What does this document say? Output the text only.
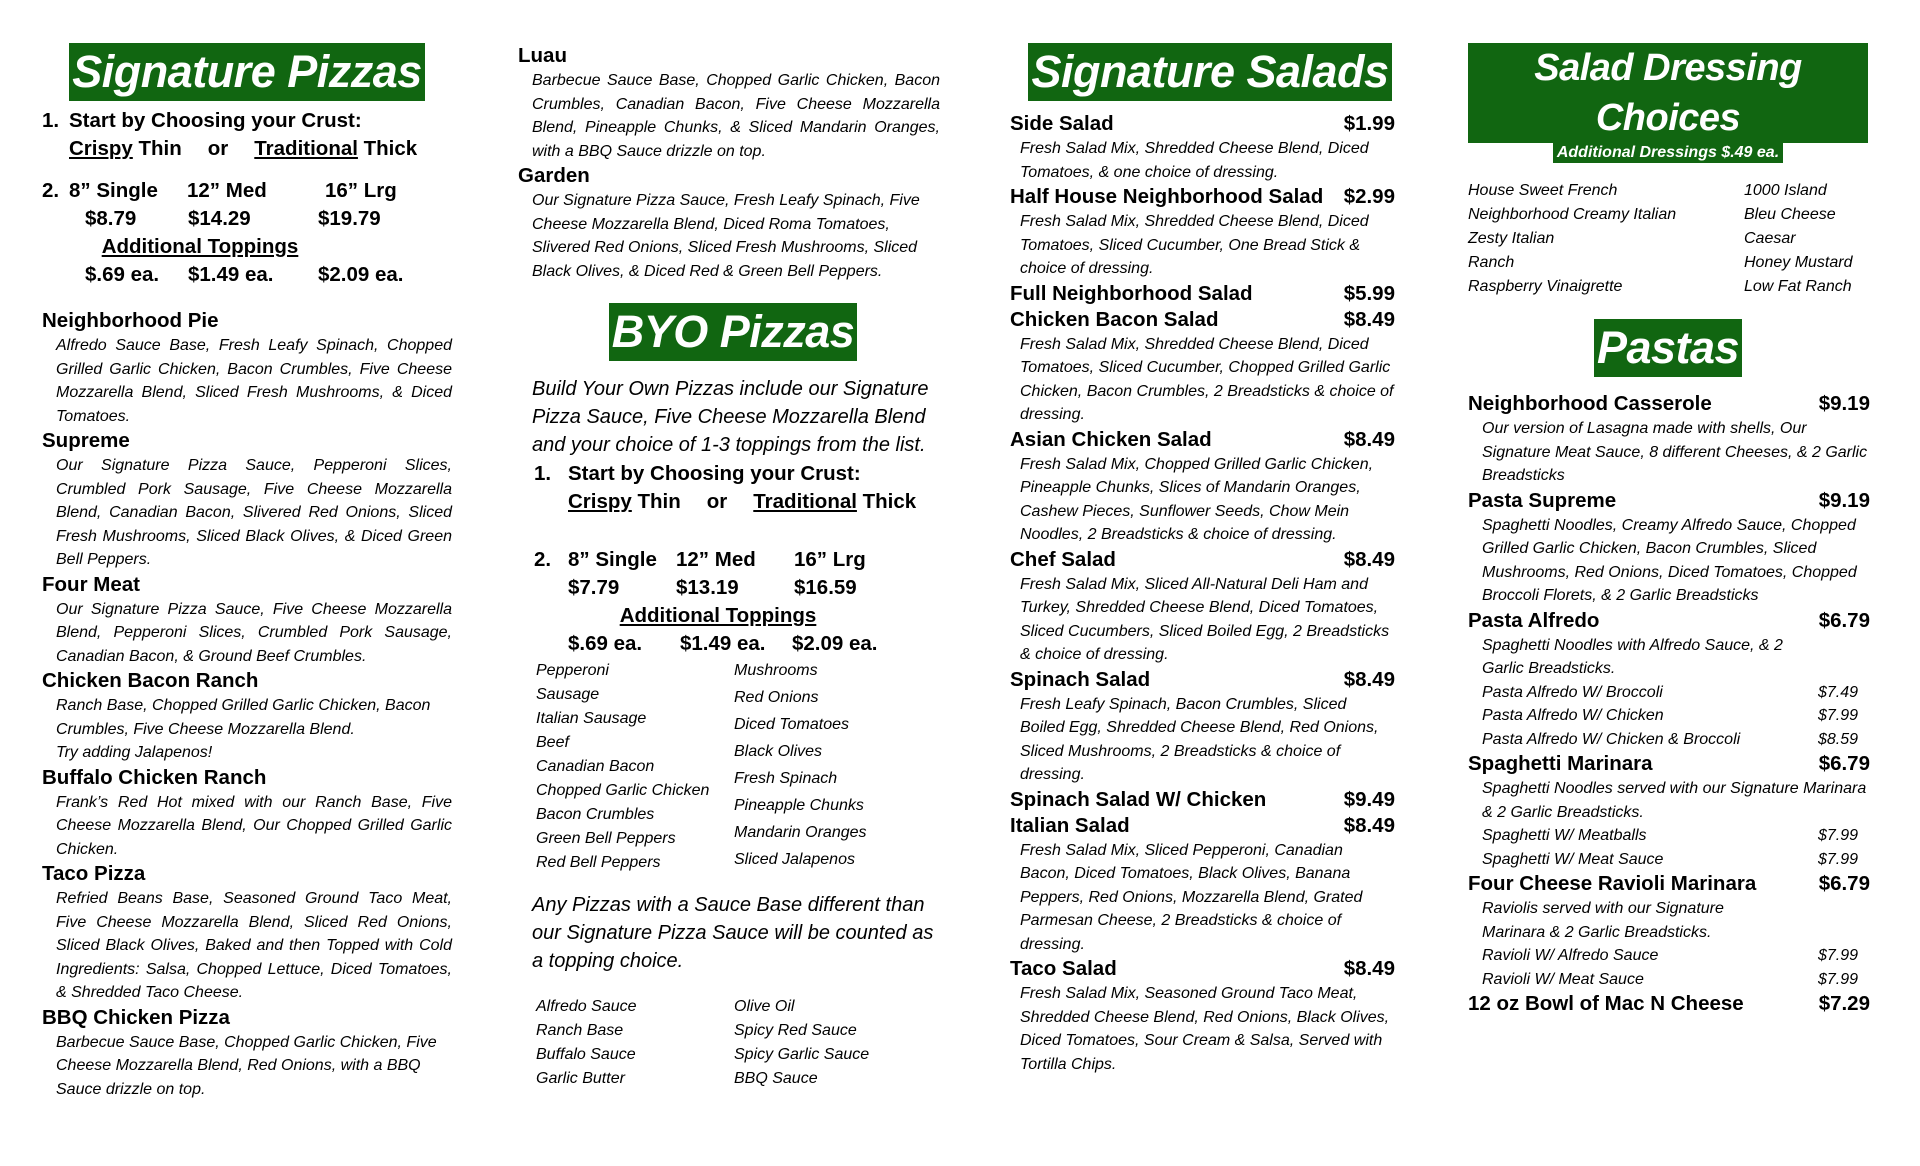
Signature Pizzas
1. Start by Choosing your Crust:
Crispy Thin or Traditional Thick
2. 8” Single	12” Med	16” Lrg
$8.79	$14.29	$19.79
Additional Toppings
$.69 ea.	$1.49 ea.	$2.09 ea.
Neighborhood Pie
Alfredo Sauce Base, Fresh Leafy Spinach, Chopped Grilled Garlic Chicken, Bacon Crumbles, Five Cheese Mozzarella Blend, Sliced Fresh Mushrooms, & Diced Tomatoes.
Supreme
Our Signature Pizza Sauce, Pepperoni Slices, Crumbled Pork Sausage, Five Cheese Mozzarella Blend, Canadian Bacon, Slivered Red Onions, Sliced Fresh Mushrooms, Sliced Black Olives, & Diced Green Bell Peppers.
Four Meat
Our Signature Pizza Sauce, Five Cheese Mozzarella Blend, Pepperoni Slices, Crumbled Pork Sausage, Canadian Bacon, & Ground Beef Crumbles.
Chicken Bacon Ranch
Ranch Base, Chopped Grilled Garlic Chicken, Bacon Crumbles, Five Cheese Mozzarella Blend.
Try adding Jalapenos!
Buffalo Chicken Ranch
Frank’s Red Hot mixed with our Ranch Base, Five Cheese Mozzarella Blend, Our Chopped Grilled Garlic Chicken.
Taco Pizza
Refried Beans Base, Seasoned Ground Taco Meat, Five Cheese Mozzarella Blend, Sliced Red Onions, Sliced Black Olives, Baked and then Topped with Cold Ingredients: Salsa, Chopped Lettuce, Diced Tomatoes, & Shredded Taco Cheese.
BBQ Chicken Pizza
Barbecue Sauce Base, Chopped Garlic Chicken, Five Cheese Mozzarella Blend, Red Onions, with a BBQ Sauce drizzle on top.
Luau
Barbecue Sauce Base, Chopped Garlic Chicken, Bacon Crumbles, Canadian Bacon, Five Cheese Mozzarella Blend, Pineapple Chunks, & Sliced Mandarin Oranges, with a BBQ Sauce drizzle on top.
Garden
Our Signature Pizza Sauce, Fresh Leafy Spinach, Five Cheese Mozzarella Blend, Diced Roma Tomatoes, Slivered Red Onions, Sliced Fresh Mushrooms, Sliced Black Olives, & Diced Red & Green Bell Peppers.
BYO Pizzas
Build Your Own Pizzas include our Signature Pizza Sauce, Five Cheese Mozzarella Blend and your choice of 1-3 toppings from the list.
1. Start by Choosing your Crust:
Crispy Thin or Traditional Thick
2. 8” Single 12” Med	16” Lrg
$7.79	$13.19	$16.59
Additional Toppings
$.69 ea.	$1.49 ea.	$2.09 ea.
Pepperoni
Sausage
Italian Sausage
Beef
Canadian Bacon
Chopped Garlic Chicken
Bacon Crumbles
Green Bell Peppers
Red Bell Peppers
Mushrooms
Red Onions
Diced Tomatoes
Black Olives
Fresh Spinach
Pineapple Chunks
Mandarin Oranges
Sliced Jalapenos
Any Pizzas with a Sauce Base different than our Signature Pizza Sauce will be counted as a topping choice.
Alfredo Sauce
Ranch Base
Buffalo Sauce
Garlic Butter
Olive Oil
Spicy Red Sauce
Spicy Garlic Sauce
BBQ Sauce
Signature Salads
Side Salad	$1.99
Fresh Salad Mix, Shredded Cheese Blend, Diced Tomatoes, & one choice of dressing.
Half House Neighborhood Salad $2.99
Fresh Salad Mix, Shredded Cheese Blend, Diced Tomatoes, Sliced Cucumber, One Bread Stick & choice of dressing.
Full Neighborhood Salad	$5.99
Chicken Bacon Salad	$8.49
Fresh Salad Mix, Shredded Cheese Blend, Diced Tomatoes, Sliced Cucumber, Chopped Grilled Garlic Chicken, Bacon Crumbles, 2 Breadsticks & choice of dressing.
Asian Chicken Salad	$8.49
Fresh Salad Mix, Chopped Grilled Garlic Chicken, Pineapple Chunks, Slices of Mandarin Oranges, Cashew Pieces, Sunflower Seeds, Chow Mein Noodles, 2 Breadsticks & choice of dressing.
Chef Salad	$8.49
Fresh Salad Mix, Sliced All-Natural Deli Ham and Turkey, Shredded Cheese Blend, Diced Tomatoes, Sliced Cucumbers, Sliced Boiled Egg, 2 Breadsticks & choice of dressing.
Spinach Salad	$8.49
Fresh Leafy Spinach, Bacon Crumbles, Sliced Boiled Egg, Shredded Cheese Blend, Red Onions, Sliced Mushrooms, 2 Breadsticks & choice of dressing.
Spinach Salad W/ Chicken	$9.49
Italian Salad	$8.49
Fresh Salad Mix, Sliced Pepperoni, Canadian Bacon, Diced Tomatoes, Black Olives, Banana Peppers, Red Onions, Mozzarella Blend, Grated Parmesan Cheese, 2 Breadsticks & choice of dressing.
Taco Salad	$8.49
Fresh Salad Mix, Seasoned Ground Taco Meat, Shredded Cheese Blend, Red Onions, Black Olives, Diced Tomatoes, Sour Cream & Salsa, Served with Tortilla Chips.
Salad Dressing Choices
Additional Dressings $.49 ea.
House Sweet French
Neighborhood Creamy Italian
Zesty Italian
Ranch
Raspberry Vinaigrette
1000 Island
Bleu Cheese
Caesar
Honey Mustard
Low Fat Ranch
Pastas
Neighborhood Casserole	$9.19
Our version of Lasagna made with shells, Our Signature Meat Sauce, 8 different Cheeses, & 2 Garlic Breadsticks
Pasta Supreme	$9.19
Spaghetti Noodles, Creamy Alfredo Sauce, Chopped Grilled Garlic Chicken, Bacon Crumbles, Sliced Mushrooms, Red Onions, Diced Tomatoes, Chopped Broccoli Florets, & 2 Garlic Breadsticks
Pasta Alfredo	$6.79
Spaghetti Noodles with Alfredo Sauce, & 2 Garlic Breadsticks.
Pasta Alfredo W/ Broccoli	$7.49
Pasta Alfredo W/ Chicken	$7.99
Pasta Alfredo W/ Chicken & Broccoli	$8.59
Spaghetti Marinara	$6.79
Spaghetti Noodles served with our Signature Marinara & 2 Garlic Breadsticks.
Spaghetti W/ Meatballs	$7.99
Spaghetti W/ Meat Sauce	$7.99
Four Cheese Ravioli Marinara	$6.79
Raviolis served with our Signature Marinara & 2 Garlic Breadsticks.
Ravioli W/ Alfredo Sauce	$7.99
Ravioli W/ Meat Sauce	$7.99
12 oz Bowl of Mac N Cheese	$7.29
